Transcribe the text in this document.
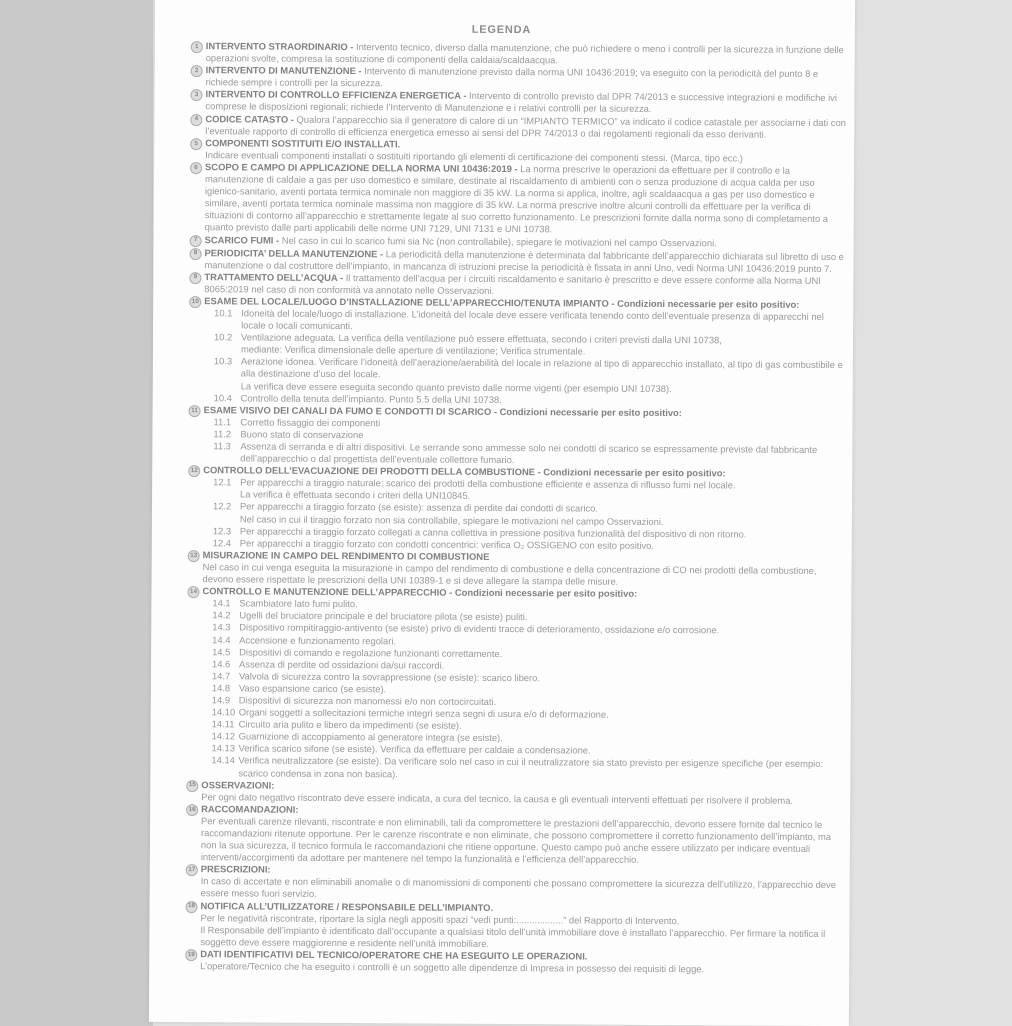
LEGENDA
1 INTERVENTO STRAORDINARIO - Intervento tecnico, diverso dalla manutenzione, che può richiedere o meno i controlli per la sicurezza in funzione delle operazioni svolte, compresa la sostituzione di componenti della caldaia/scaldaacqua.

2 INTERVENTO DI MANUTENZIONE - Intervento di manutenzione previsto dalla norma UNI 10436:2019; va eseguito con la periodicità del punto 8 e richiede sempre i controlli per la sicurezza.

3 INTERVENTO DI CONTROLLO EFFICIENZA ENERGETICA - Intervento di controllo previsto dal DPR 74/2013 e successive integrazioni e modifiche ivi comprese le disposizioni regionali; richiede l’Intervento di Manutenzione e i relativi controlli per la sicurezza.

4 CODICE CATASTO - Qualora l’apparecchio sia il generatore di calore di un “IMPIANTO TERMICO” va indicato il codice catastale per associarne i dati con l’eventuale rapporto di controllo di efficienza energetica emesso ai sensi del DPR 74/2013 o dai regolamenti regionali da esso derivanti.

5 COMPONENTI SOSTITUITI E/O INSTALLATI.

Indicare eventuali componenti installati o sostituiti riportando gli elementi di certificazione dei componenti stessi. (Marca, tipo ecc.)

6 SCOPO E CAMPO DI APPLICAZIONE DELLA NORMA UNI 10436:2019 - La norma prescrive le operazioni da effettuare per il controllo e la manutenzione di caldaie a gas per uso domestico e similare, destinate al riscaldamento di ambienti con o senza produzione di acqua calda per uso igienico-sanitario, aventi portata termica nominale non maggiore di 35 kW. La norma si applica, inoltre, agli scaldaacqua a gas per uso domestico e similare, aventi portata termica nominale massima non maggiore di 35 kW. La norma prescrive inoltre alcuni controlli da effettuare per la verifica di situazioni di contorno all’apparecchio e strettamente legate al suo corretto funzionamento. Le prescrizioni fornite dalla norma sono di completamento a quanto previsto dalle parti applicabili delle norme UNI 7129, UNI 7131 e UNI 10738.

7 SCARICO FUMI - Nel caso in cui lo scarico fumi sia Nc (non controllabile), spiegare le motivazioni nel campo Osservazioni.

8 PERIODICITA’ DELLA MANUTENZIONE - La periodicità della manutenzione è determinata dal fabbricante dell’apparecchio dichiarata sul libretto di uso e manutenzione o dal costruttore dell’impianto, in mancanza di istruzioni precise la periodicità è fissata in anni Uno, vedi Norma UNI 10436:2019 punto 7.

9 TRATTAMENTO DELL’ACQUA - Il trattamento dell’acqua per i circuiti riscaldamento e sanitario è prescritto e deve essere conforme alla Norma UNI 8065:2019 nel caso di non conformità va annotato nelle Osservazioni.

10 ESAME DEL LOCALE/LUOGO D’INSTALLAZIONE DELL’APPARECCHIO/TENUTA IMPIANTO - Condizioni necessarie per esito positivo:

10.1 Idoneità del locale/luogo di installazione. L’idoneità del locale deve essere verificata tenendo conto dell’eventuale presenza di apparecchi nel locale o locali comunicanti.

10.2 Ventilazione adeguata. La verifica della ventilazione può essere effettuata, secondo i criteri previsti dalla UNI 10738,

mediante: Verifica dimensionale delle aperture di ventilazione; Verifica strumentale.

10.3 Aerazione idonea. Verificare l’idoneità dell’aerazione/aerabilità del locale in relazione al tipo di apparecchio installato, al tipo di gas combustibile e alla destinazione d’uso del locale.

La verifica deve essere eseguita secondo quanto previsto dalle norme vigenti (per esempio UNI 10738).

10.4 Controllo della tenuta dell’impianto. Punto 5.5 della UNI 10738.

11 ESAME VISIVO DEI CANALI DA FUMO E CONDOTTI DI SCARICO - Condizioni necessarie per esito positivo:

11.1 Corretto fissaggio dei componenti

11.2 Buono stato di conservazione

11.3 Assenza di serranda e di altri dispositivi. Le serrande sono ammesse solo nei condotti di scarico se espressamente previste dal fabbricante dell’apparecchio o dal progettista dell’eventuale collettore fumario.

12 CONTROLLO DELL’EVACUAZIONE DEI PRODOTTI DELLA COMBUSTIONE - Condizioni necessarie per esito positivo:

12.1 Per apparecchi a tiraggio naturale: scarico dei prodotti della combustione efficiente e assenza di riflusso fumi nel locale.

La verifica è effettuata secondo i criteri della UNI10845.

12.2 Per apparecchi a tiraggio forzato (se esiste): assenza di perdite dai condotti di scarico.

Nel caso in cui il tiraggio forzato non sia controllabile, spiegare le motivazioni nel campo Osservazioni.

12.3 Per apparecchi a tiraggio forzato collegati a canna collettiva in pressione positiva funzionalità del dispositivo di non ritorno.

12.4 Per apparecchi a tiraggio forzato con condotti concentrici: verifica O₂ OSSIGENO con esito positivo.

13 MISURAZIONE IN CAMPO DEL RENDIMENTO DI COMBUSTIONE

Nel caso in cui venga eseguita la misurazione in campo del rendimento di combustione e della concentrazione di CO nei prodotti della combustione, devono essere rispettate le prescrizioni della UNI 10389-1 e si deve allegare la stampa delle misure.

14 CONTROLLO E MANUTENZIONE DELL’APPARECCHIO - Condizioni necessarie per esito positivo:

14.1 Scambiatore lato fumi pulito.

14.2 Ugelli del bruciatore principale e del bruciatore pilota (se esiste) puliti.

14.3 Dispositivo rompitiraggio-antivento (se esiste) privo di evidenti tracce di deterioramento, ossidazione e/o corrosione.

14.4 Accensione e funzionamento regolari.

14.5 Dispositivi di comando e regolazione funzionanti correttamente.

14.6 Assenza di perdite od ossidazioni da/sui raccordi.

14.7 Valvola di sicurezza contro la sovrappressione (se esiste): scarico libero.

14.8 Vaso espansione carico (se esiste).

14.9 Dispositivi di sicurezza non manomessi e/o non cortocircuitati.

14.10 Organi soggetti a sollecitazioni termiche integri senza segni di usura e/o di deformazione.

14.11 Circuito aria pulito e libero da impedimenti (se esiste).

14.12 Guarnizione di accoppiamento al generatore integra (se esiste).

14.13 Verifica scarico sifone (se esiste). Verifica da effettuare per caldaie a condensazione.

14.14 Verifica neutralizzatore (se esiste). Da verificare solo nel caso in cui il neutralizzatore sia stato previsto per esigenze specifiche (per esempio: scarico condensa in zona non basica).

15 OSSERVAZIONI:

Per ogni dato negativo riscontrato deve essere indicata, a cura del tecnico, la causa e gli eventuali interventi effettuati per risolvere il problema.

16 RACCOMANDAZIONI:

Per eventuali carenze rilevanti, riscontrate e non eliminabili, tali da compromettere le prestazioni dell’apparecchio, devono essere fornite dal tecnico le raccomandazioni ritenute opportune. Per le carenze riscontrate e non eliminate, che possono compromettere il corretto funzionamento dell’impianto, ma non la sua sicurezza, il tecnico formula le raccomandazioni che ritiene opportune. Questo campo può anche essere utilizzato per indicare eventuali interventi/accorgimenti da adottare per mantenere nel tempo la funzionalità e l’efficienza dell’apparecchio.

17 PRESCRIZIONI:

In caso di accertate e non eliminabili anomalie o di manomissioni di componenti che possano compromettere la sicurezza dell’utilizzo, l’apparecchio deve essere messo fuori servizio.

18 NOTIFICA ALL’UTILIZZATORE / RESPONSABILE DELL’IMPIANTO.

Per le negatività riscontrate, riportare la sigla negli appositi spazi “vedi punti:..................” del Rapporto di Intervento.

Il Responsabile dell’impianto è identificato dall’occupante a qualsiasi titolo dell’unità immobiliare dove è installato l’apparecchio. Per firmare la notifica il soggetto deve essere maggiorenne e residente nell’unità immobiliare.

19 DATI IDENTIFICATIVI DEL TECNICO/OPERATORE CHE HA ESEGUITO LE OPERAZIONI.

L’operatore/Tecnico che ha eseguito i controlli è un soggetto alle dipendenze di Impresa in possesso dei requisiti di legge.
